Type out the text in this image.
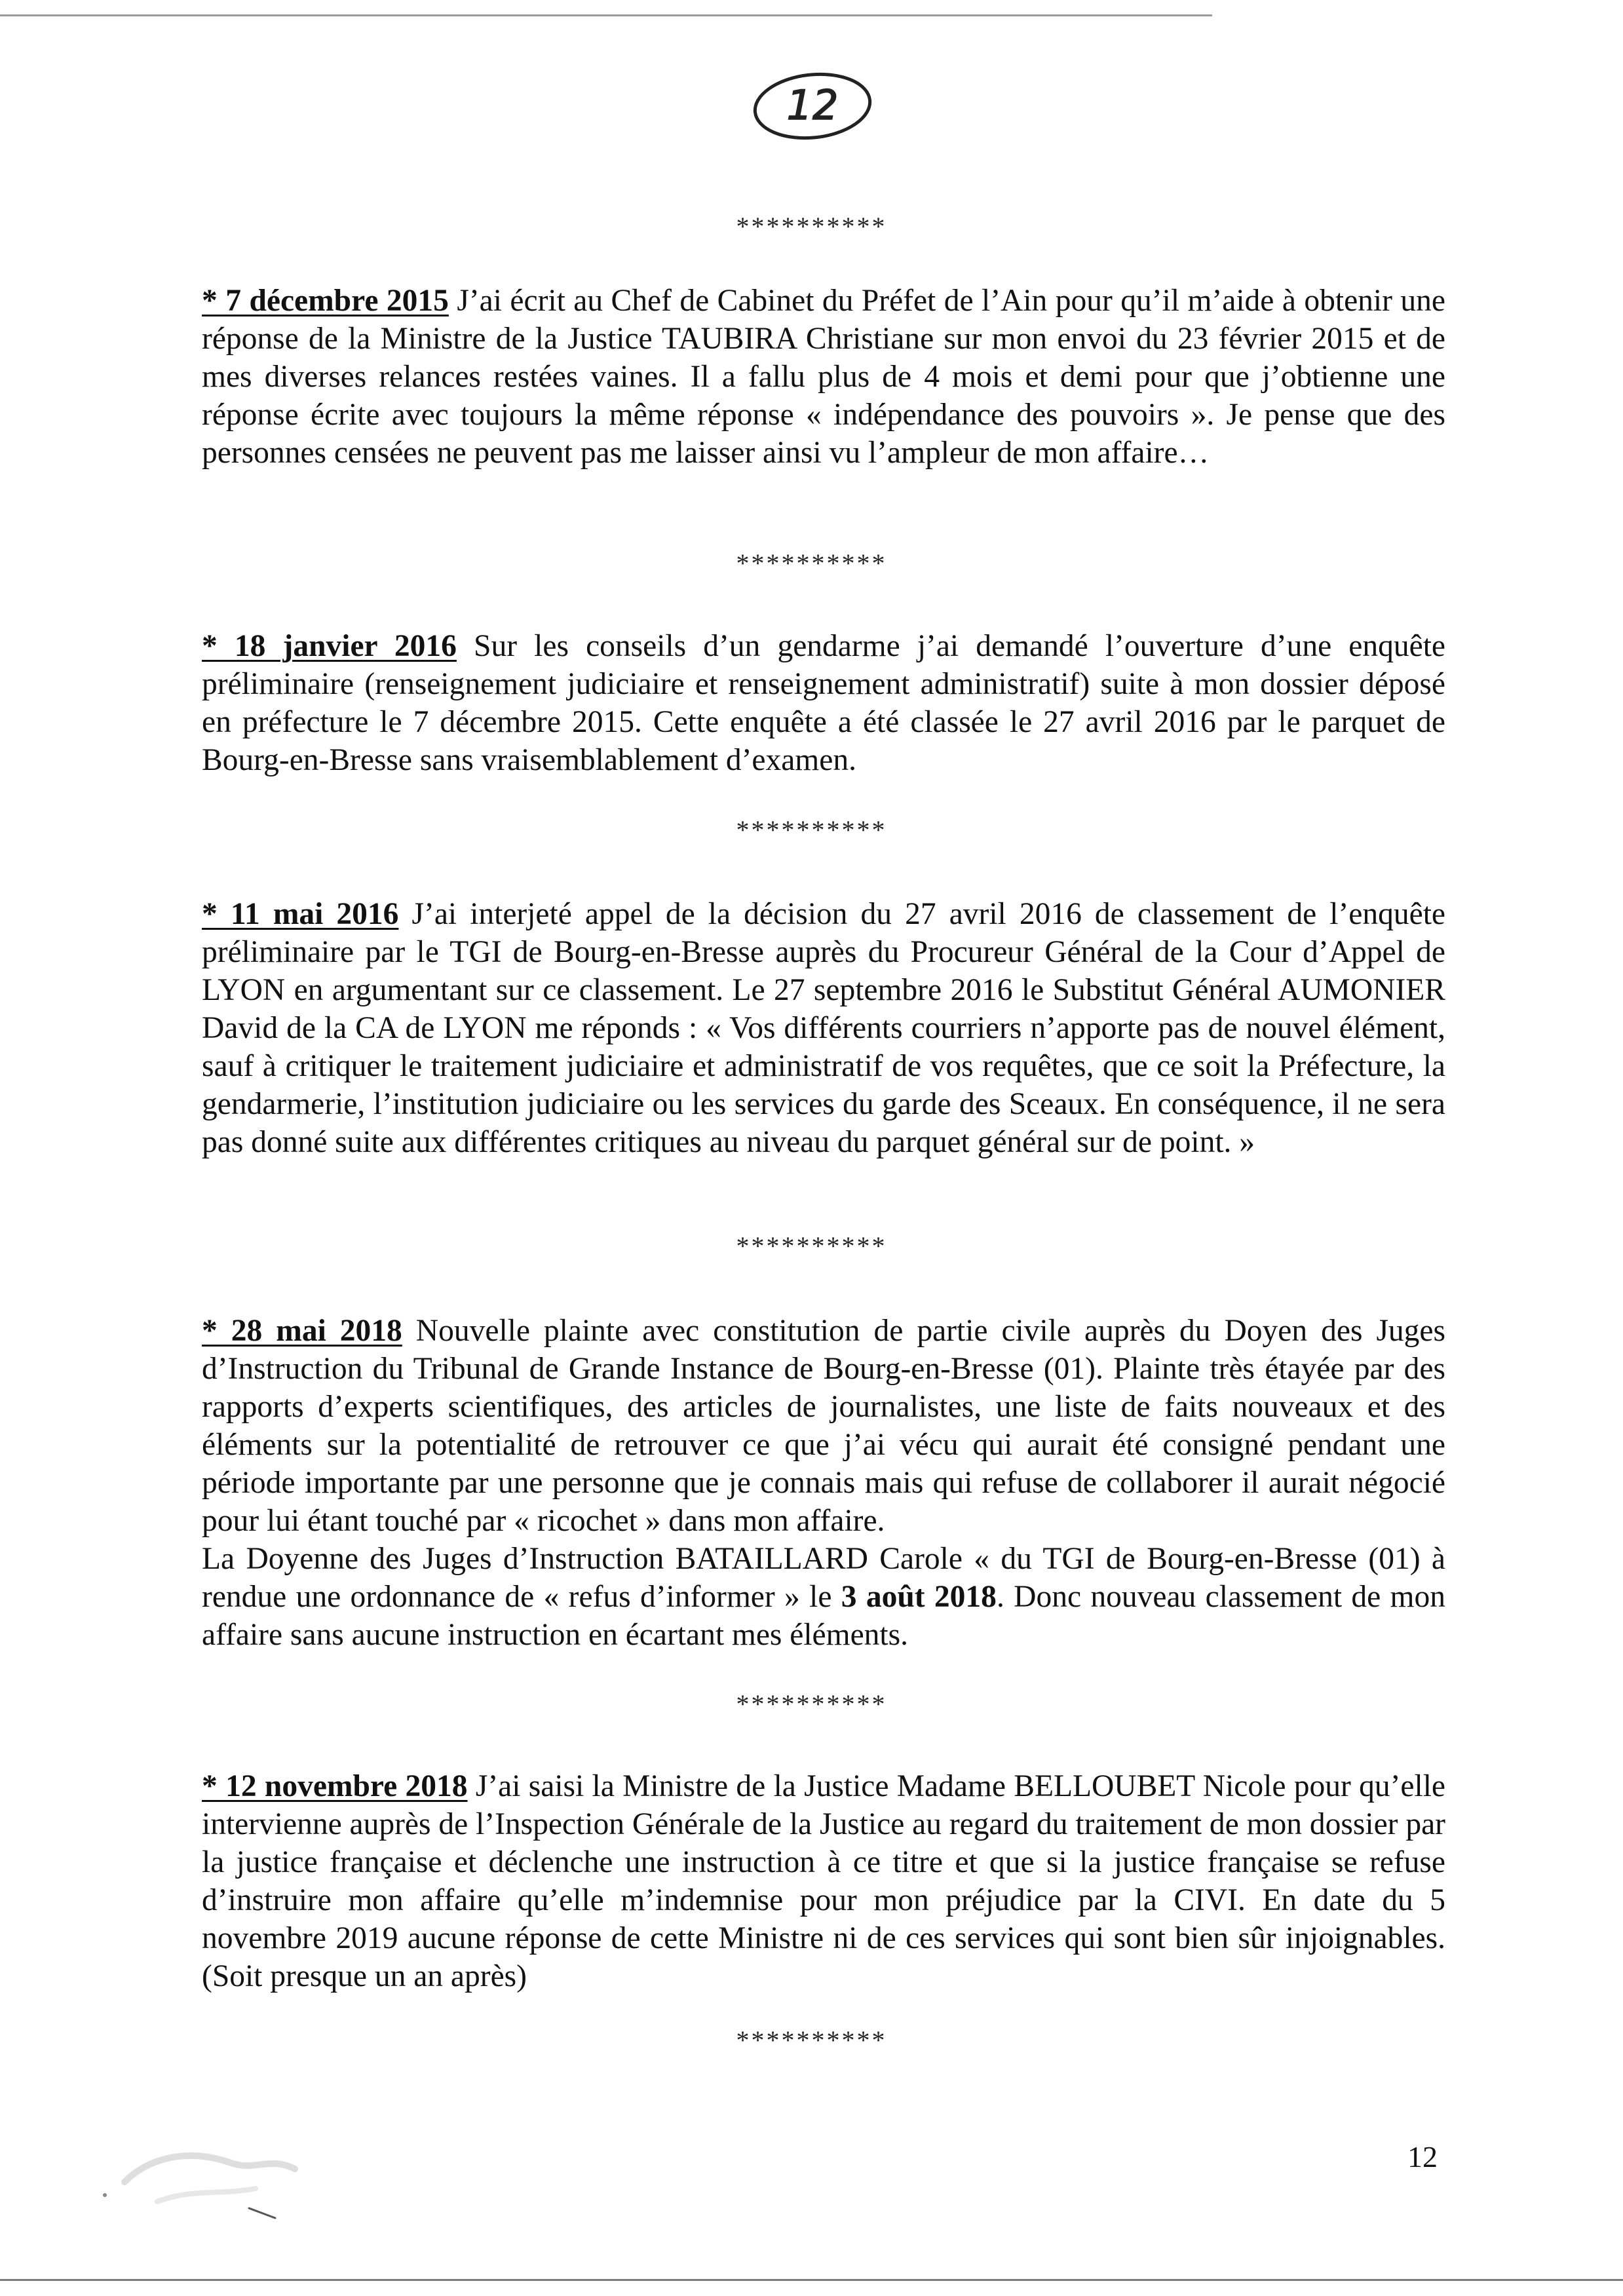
12
**********

* 7 décembre 2015 J’ai écrit au Chef de Cabinet du Préfet de l’Ain pour qu’il m’aide à obtenir une réponse de la Ministre de la Justice TAUBIRA Christiane sur mon envoi du 23 février 2015 et de mes diverses relances restées vaines. Il a fallu plus de 4 mois et demi pour que j’obtienne une réponse écrite avec toujours la même réponse « indépendance des pouvoirs ». Je pense que des personnes censées ne peuvent pas me laisser ainsi vu l’ampleur de mon affaire…

**********

* 18 janvier 2016 Sur les conseils d’un gendarme j’ai demandé l’ouverture d’une enquête préliminaire (renseignement judiciaire et renseignement administratif) suite à mon dossier déposé en préfecture le 7 décembre 2015. Cette enquête a été classée le 27 avril 2016 par le parquet de Bourg-en-Bresse sans vraisemblablement d’examen.

**********

* 11 mai 2016 J’ai interjeté appel de la décision du 27 avril 2016 de classement de l’enquête préliminaire par le TGI de Bourg-en-Bresse auprès du Procureur Général de la Cour d’Appel de LYON en argumentant sur ce classement. Le 27 septembre 2016 le Substitut Général AUMONIER David de la CA de LYON me réponds : « Vos différents courriers n’apporte pas de nouvel élément, sauf à critiquer le traitement judiciaire et administratif de vos requêtes, que ce soit la Préfecture, la gendarmerie, l’institution judiciaire ou les services du garde des Sceaux. En conséquence, il ne sera pas donné suite aux différentes critiques au niveau du parquet général sur de point. »

**********

* 28 mai 2018 Nouvelle plainte avec constitution de partie civile auprès du Doyen des Juges d’Instruction du Tribunal de Grande Instance de Bourg-en-Bresse (01). Plainte très étayée par des rapports d’experts scientifiques, des articles de journalistes, une liste de faits nouveaux et des éléments sur la potentialité de retrouver ce que j’ai vécu qui aurait été consigné pendant une période importante par une personne que je connais mais qui refuse de collaborer il aurait négocié pour lui étant touché par « ricochet » dans mon affaire.

La Doyenne des Juges d’Instruction BATAILLARD Carole « du TGI de Bourg-en-Bresse (01) à rendue une ordonnance de « refus d’informer » le 3 août 2018. Donc nouveau classement de mon affaire sans aucune instruction en écartant mes éléments.

**********

* 12 novembre 2018 J’ai saisi la Ministre de la Justice Madame BELLOUBET Nicole pour qu’elle intervienne auprès de l’Inspection Générale de la Justice au regard du traitement de mon dossier par la justice française et déclenche une instruction à ce titre et que si la justice française se refuse d’instruire mon affaire qu’elle m’indemnise pour mon préjudice par la CIVI. En date du 5 novembre 2019 aucune réponse de cette Ministre ni de ces services qui sont bien sûr injoignables. (Soit presque un an après)

**********
12
